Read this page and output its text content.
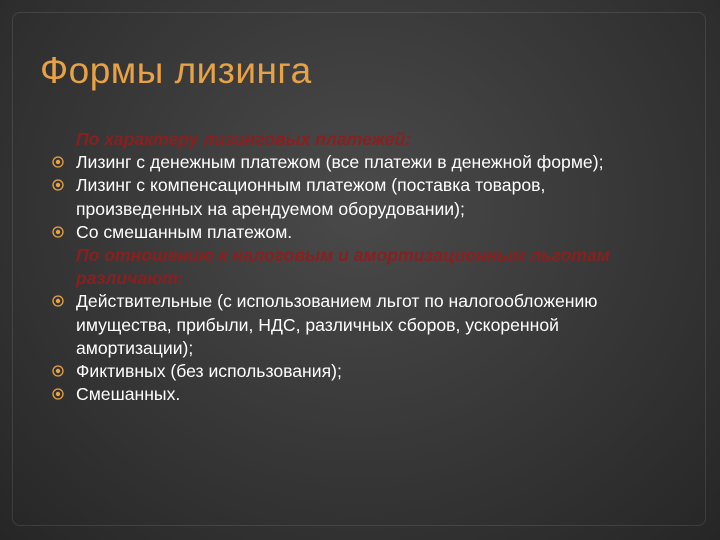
Формы лизинга
По характеру лизинговых платежей:
Лизинг с денежным платежом (все платежи в денежной форме);
Лизинг с компенсационным платежом (поставка товаров, произведенных на арендуемом оборудовании);
Со смешанным платежом.
По отношению к налоговым и амортизационным льготам различают:
Действительные (с использованием льгот по налогообложению имущества, прибыли, НДС, различных сборов, ускоренной амортизации);
Фиктивных (без использования);
Смешанных.
